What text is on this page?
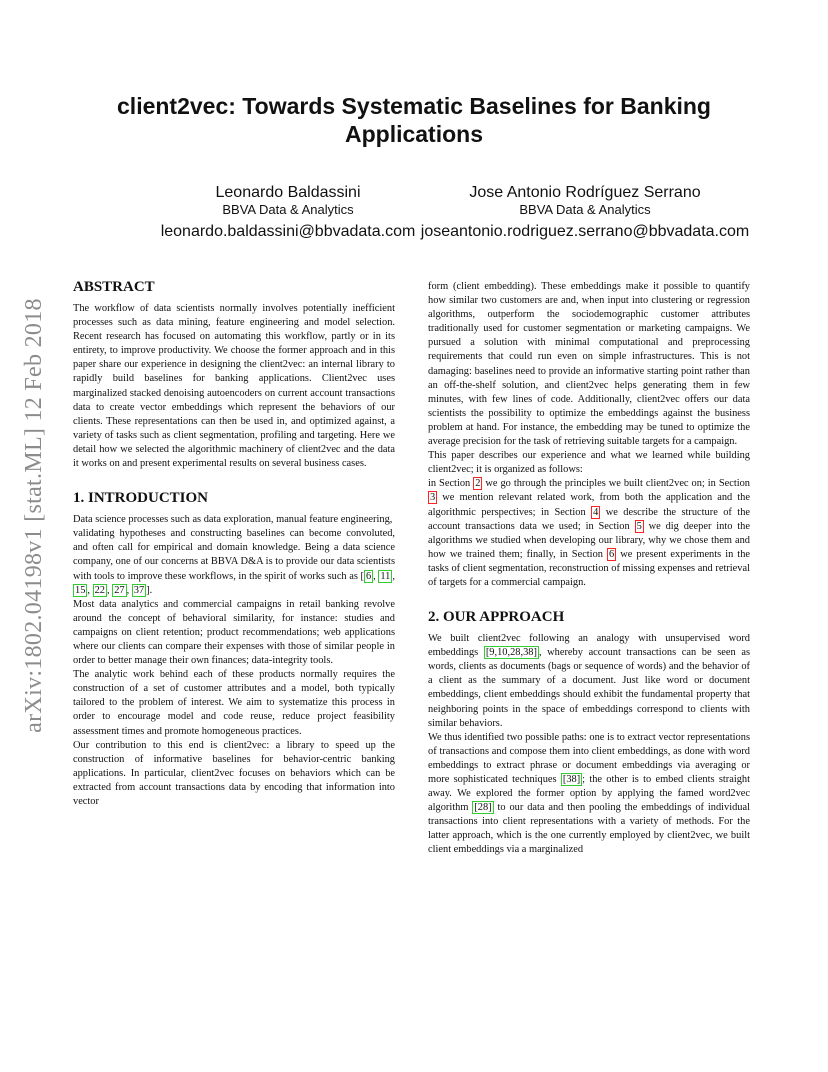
client2vec: Towards Systematic Baselines for Banking Applications
Leonardo Baldassini
BBVA Data & Analytics
leonardo.baldassini@bbvadata.com
Jose Antonio Rodríguez Serrano
BBVA Data & Analytics
joseantonio.rodriguez.serrano@bbvadata.com
arXiv:1802.04198v1 [stat.ML] 12 Feb 2018
ABSTRACT

The workflow of data scientists normally involves potentially inefficient processes such as data mining, feature engineering and model selection. Recent research has focused on automating this workflow, partly or in its entirety, to improve productivity. We choose the former approach and in this paper share our experience in designing the client2vec: an internal library to rapidly build baselines for banking applications. Client2vec uses marginalized stacked denoising autoencoders on current account transactions data to create vector embeddings which represent the behaviors of our clients. These representations can then be used in, and optimized against, a variety of tasks such as client segmentation, profiling and targeting. Here we detail how we selected the algorithmic machinery of client2vec and the data it works on and present experimental results on several business cases.

1. INTRODUCTION

Data science processes such as data exploration, manual feature engineering,

validating hypotheses and constructing baselines can become convoluted, and often call for empirical and domain knowledge. Being a data science company, one of our concerns at BBVA D&A is to provide our data scientists with tools to improve these workflows, in the spirit of works such as [ 6 , 11 , 15 , 22 , 27 , 37 ].

Most data analytics and commercial campaigns in retail banking revolve around the concept of behavioral similarity, for instance: studies and campaigns on client retention; product recommendations; web applications where our clients can compare their expenses with those of similar people in order to better manage their own finances; data-integrity tools.

The analytic work behind each of these products normally requires the construction of a set of customer attributes and a model, both typically tailored to the problem of interest. We aim to systematize this process in order to encourage model and code reuse, reduce project feasibility assessment times and promote homogeneous practices.

Our contribution to this end is client2vec: a library to speed up the construction of informative baselines for behavior-centric banking applications. In particular, client2vec focuses on behaviors which can be extracted from account transactions data by encoding that information into vector

form (client embedding). These embeddings make it possible to quantify how similar two customers are and, when input into clustering or regression algorithms, outperform the sociodemographic customer attributes traditionally used for customer segmentation or marketing campaigns. We pursued a solution with minimal computational and preprocessing requirements that could run even on simple infrastructures. This is not damaging: baselines need to provide an informative starting point rather than an off-the-shelf solution, and client2vec helps generating them in few minutes, with few lines of code. Additionally, client2vec offers our data scientists the possibility to optimize the embeddings against the business problem at hand. For instance, the embedding may be tuned to optimize the average precision for the task of retrieving suitable targets for a campaign.

This paper describes our experience and what we learned while building client2vec; it is organized as follows:

in Section 2 we go through the principles we built client2vec on; in Section 3 we mention relevant related work, from both the application and the algorithmic perspectives; in Section 4 we describe the structure of the account transactions data we used; in Section 5 we dig deeper into the algorithms we studied when developing our library, why we chose them and how we trained them; finally, in Section 6 we present experiments in the tasks of client segmentation, reconstruction of missing expenses and retrieval of targets for a commercial campaign.

2. OUR APPROACH

We built client2vec following an analogy with unsupervised word embeddings [9,10,28,38] , whereby account transactions can be seen as words, clients as documents (bags or sequence of words) and the behavior of a client as the summary of a document. Just like word or document embeddings, client embeddings should exhibit the fundamental property that neighboring points in the space of embeddings correspond to clients with similar behaviors.

We thus identified two possible paths: one is to extract vector representations of transactions and compose them into client embeddings, as done with word embeddings to extract phrase or document embeddings via averaging or more sophisticated techniques [38] ; the other is to embed clients straight away. We explored the former option by applying the famed word2vec algorithm [28] to our data and then pooling the embeddings of individual transactions into client representations with a variety of methods. For the latter approach, which is the one currently employed by client2vec, we built client embeddings via a marginalized
